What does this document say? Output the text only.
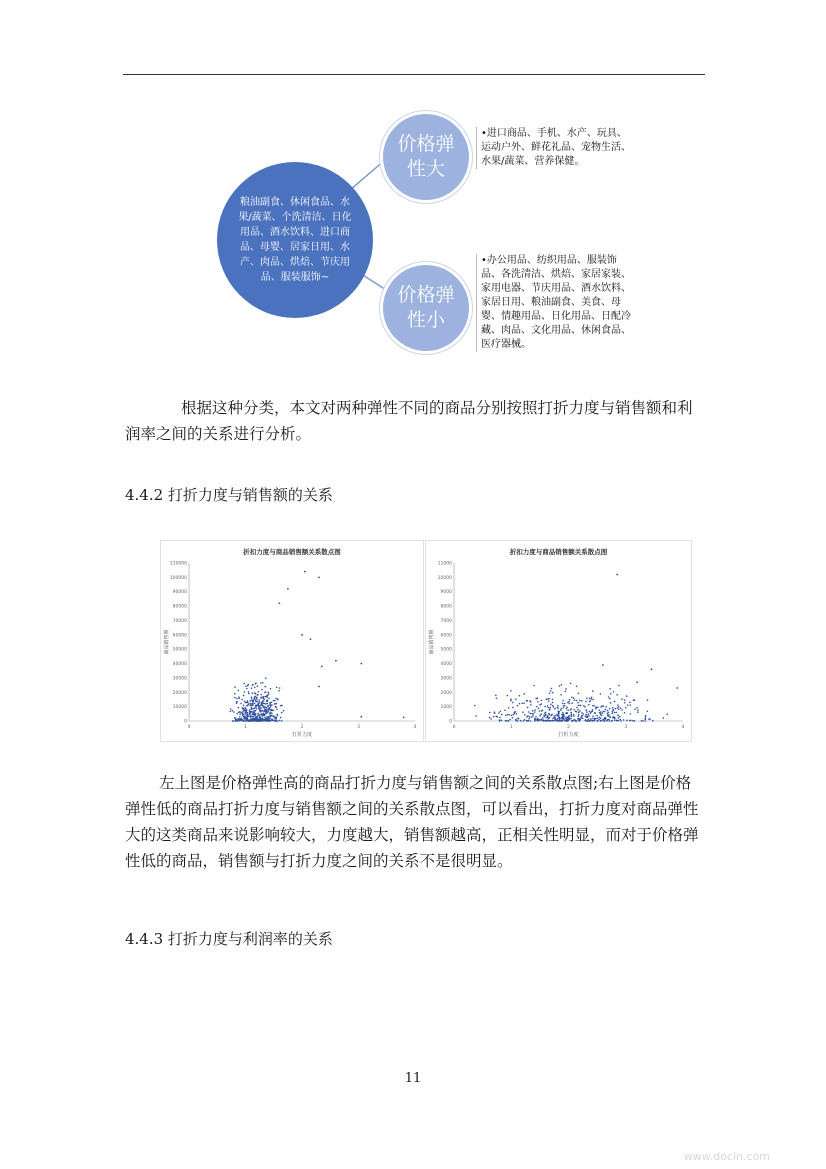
粮油副食、休闲食品、水果/蔬菜、个洗清洁、日化用品、酒水饮料、进口商品、母婴、居家日用、水产、肉品、烘焙、节庆用品、服装服饰~
价格弹性大
价格弹性小
•进口商品、手机、水产、玩具、运动户外、鲜花礼品、宠物生活、水果/蔬菜、营养保健。
•办公用品、纺织用品、服装饰品、各洗清洁、烘焙、家居家装、家用电器、节庆用品、酒水饮料、家居日用、粮油副食、美食、母婴、情趣用品、日化用品、日配冷藏、肉品、文化用品、休闲食品、医疗器械。
根据这种分类，本文对两种弹性不同的商品分别按照打折力度与销售额和利润率之间的关系进行分析。
4.4.2 打折力度与销售额的关系
折扣力度与商品销售额关系散点图
0
10000
20000
30000
40000
50000
60000
70000
80000
90000
100000
110000
0	1	2	3	4
打折力度
商品销售额
折扣力度与商品销售额关系散点图
0
1000
2000
3000
4000
5000
6000
7000
8000
9000
10000
11000
0	1	2	3	4
打折力度
商品销售额
左上图是价格弹性高的商品打折力度与销售额之间的关系散点图;右上图是价格弹性低的商品打折力度与销售额之间的关系散点图，可以看出，打折力度对商品弹性大的这类商品来说影响较大，力度越大，销售额越高，正相关性明显，而对于价格弹性低的商品，销售额与打折力度之间的关系不是很明显。
4.4.3 打折力度与利润率的关系
11
www.docin.com
